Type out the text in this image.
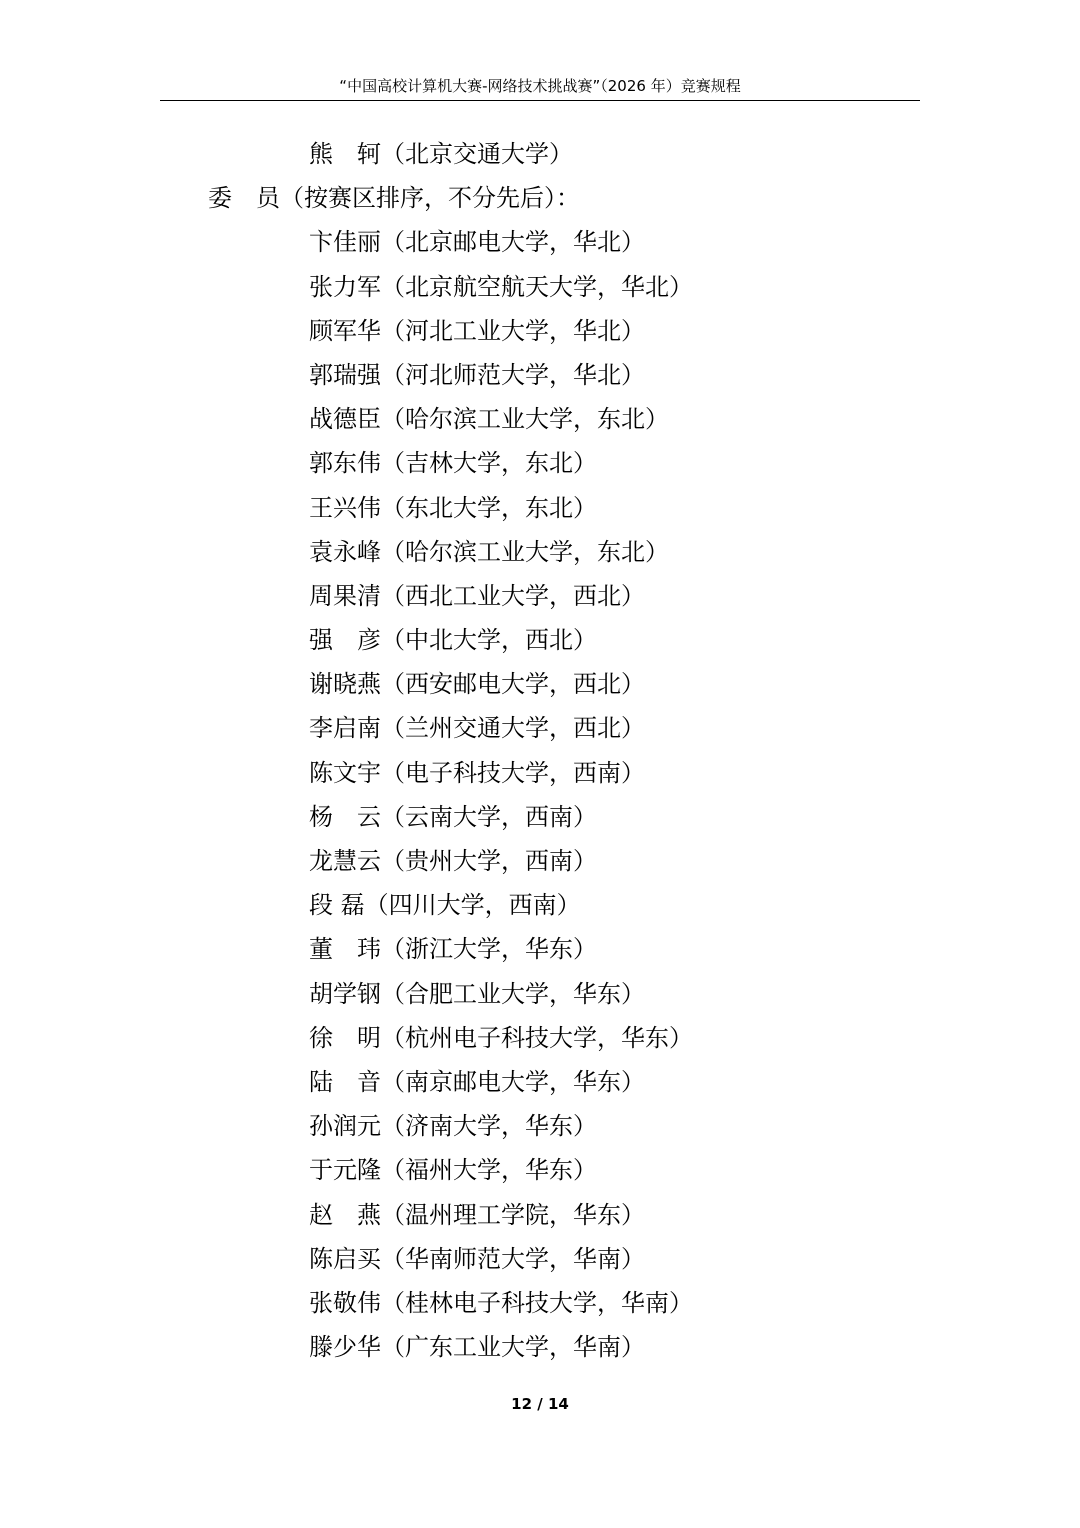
“中国高校计算机大赛-网络技术挑战赛”（2026 年）竞赛规程
熊　轲（北京交通大学）
委　员（按赛区排序，不分先后）：
卞佳丽（北京邮电大学，华北）
张力军（北京航空航天大学，华北）
顾军华（河北工业大学，华北）
郭瑞强（河北师范大学，华北）
战德臣（哈尔滨工业大学，东北）
郭东伟（吉林大学，东北）
王兴伟（东北大学，东北）
袁永峰（哈尔滨工业大学，东北）
周果清（西北工业大学，西北）
强　彦（中北大学，西北）
谢晓燕（西安邮电大学，西北）
李启南（兰州交通大学，西北）
陈文宇（电子科技大学，西南）
杨　云（云南大学，西南）
龙慧云（贵州大学，西南）
段 磊（四川大学，西南）
董　玮（浙江大学，华东）
胡学钢（合肥工业大学，华东）
徐　明（杭州电子科技大学，华东）
陆　音（南京邮电大学，华东）
孙润元（济南大学，华东）
于元隆（福州大学，华东）
赵　燕（温州理工学院，华东）
陈启买（华南师范大学，华南）
张敬伟（桂林电子科技大学，华南）
滕少华（广东工业大学，华南）
12 / 14
